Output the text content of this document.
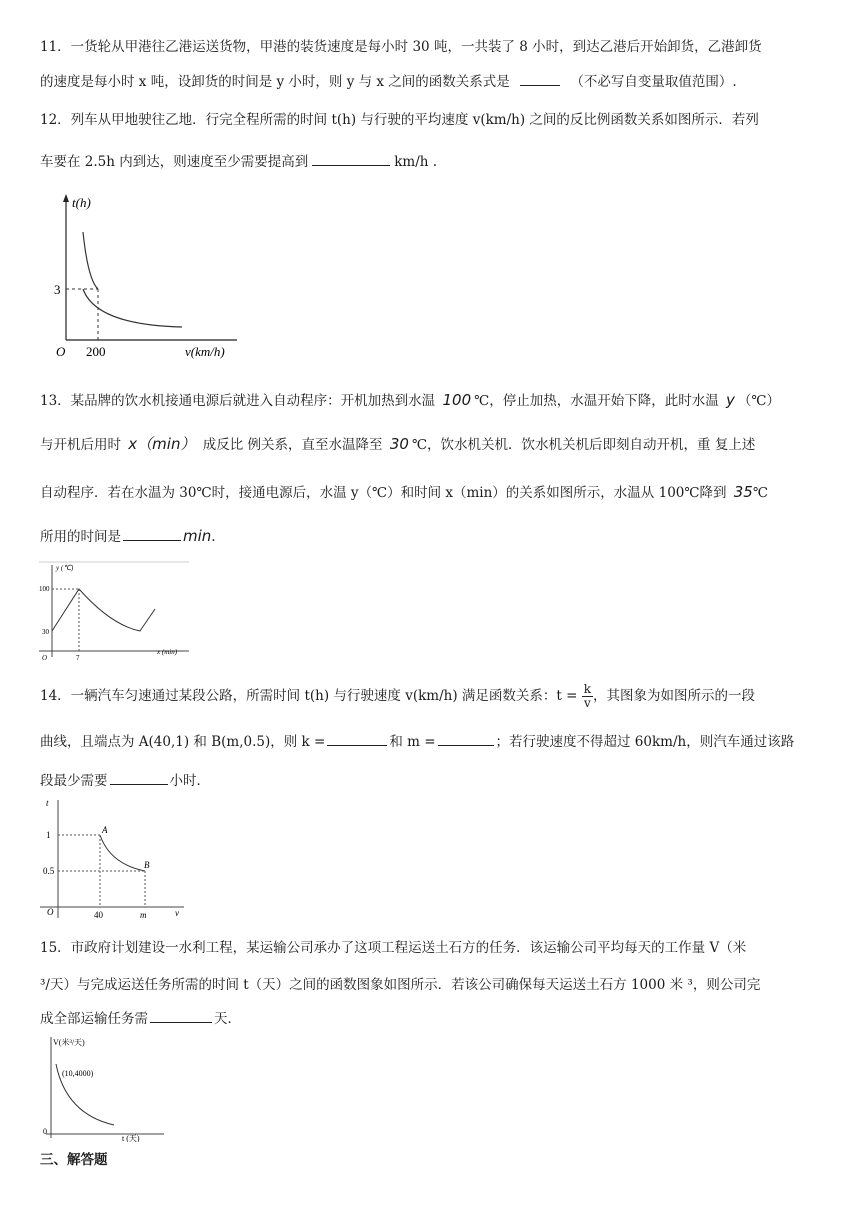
11．一货轮从甲港往乙港运送货物，甲港的装货速度是每小时 30 吨，一共装了 8 小时，到达乙港后开始卸货，乙港卸货
的速度是每小时 x 吨，设卸货的时间是 y 小时，则 y 与 x 之间的函数关系式是	（不必写自变量取值范围）.
12．列车从甲地驶往乙地．行完全程所需的时间 t(h) 与行驶的平均速度 v(km/h) 之间的反比例函数关系如图所示．若列
车要在 2.5h 内到达，则速度至少需要提高到	km/h .
t(h)
v(km/h)
O
3
200
13．某品牌的饮水机接通电源后就进入自动程序：开机加热到水温 100 ℃，停止加热，水温开始下降，此时水温 y （℃）
与开机后用时 x（min） 成反比 例关系，直至水温降至 30 ℃，饮水机关机．饮水机关机后即刻自动开机，重 复上述
自动程序．若在水温为 30℃时，接通电源后，水温 y（℃）和时间 x（min）的关系如图所示，水温从 100℃降到 35℃
所用的时间是	min.
y (℃)
x (min)
O
100
30
7
14．一辆汽车匀速通过某段公路，所需时间 t(h) 与行驶速度 v(km/h) 满足函数关系：$t = \frac{k}{v}$ ，其图象为如图所示的一段
曲线，且端点为 A(40,1) 和 B(m,0.5)，则 k =	和 m =	；若行驶速度不得超过 60km/h，则汽车通过该路
段最少需要	小时．
t
v
O
1
0.5
40	m
A
B
15．市政府计划建设一水利工程，某运输公司承办了这项工程运送土石方的任务．该运输公司平均每天的工作量 V（米
³/天）与完成运送任务所需的时间 t（天）之间的函数图象如图所示．若该公司确保每天运送土石方 1000 米 ³，则公司完
成全部运输任务需	天．
V(米³/天)
t (天)
0
(10,4000)
三、解答题
